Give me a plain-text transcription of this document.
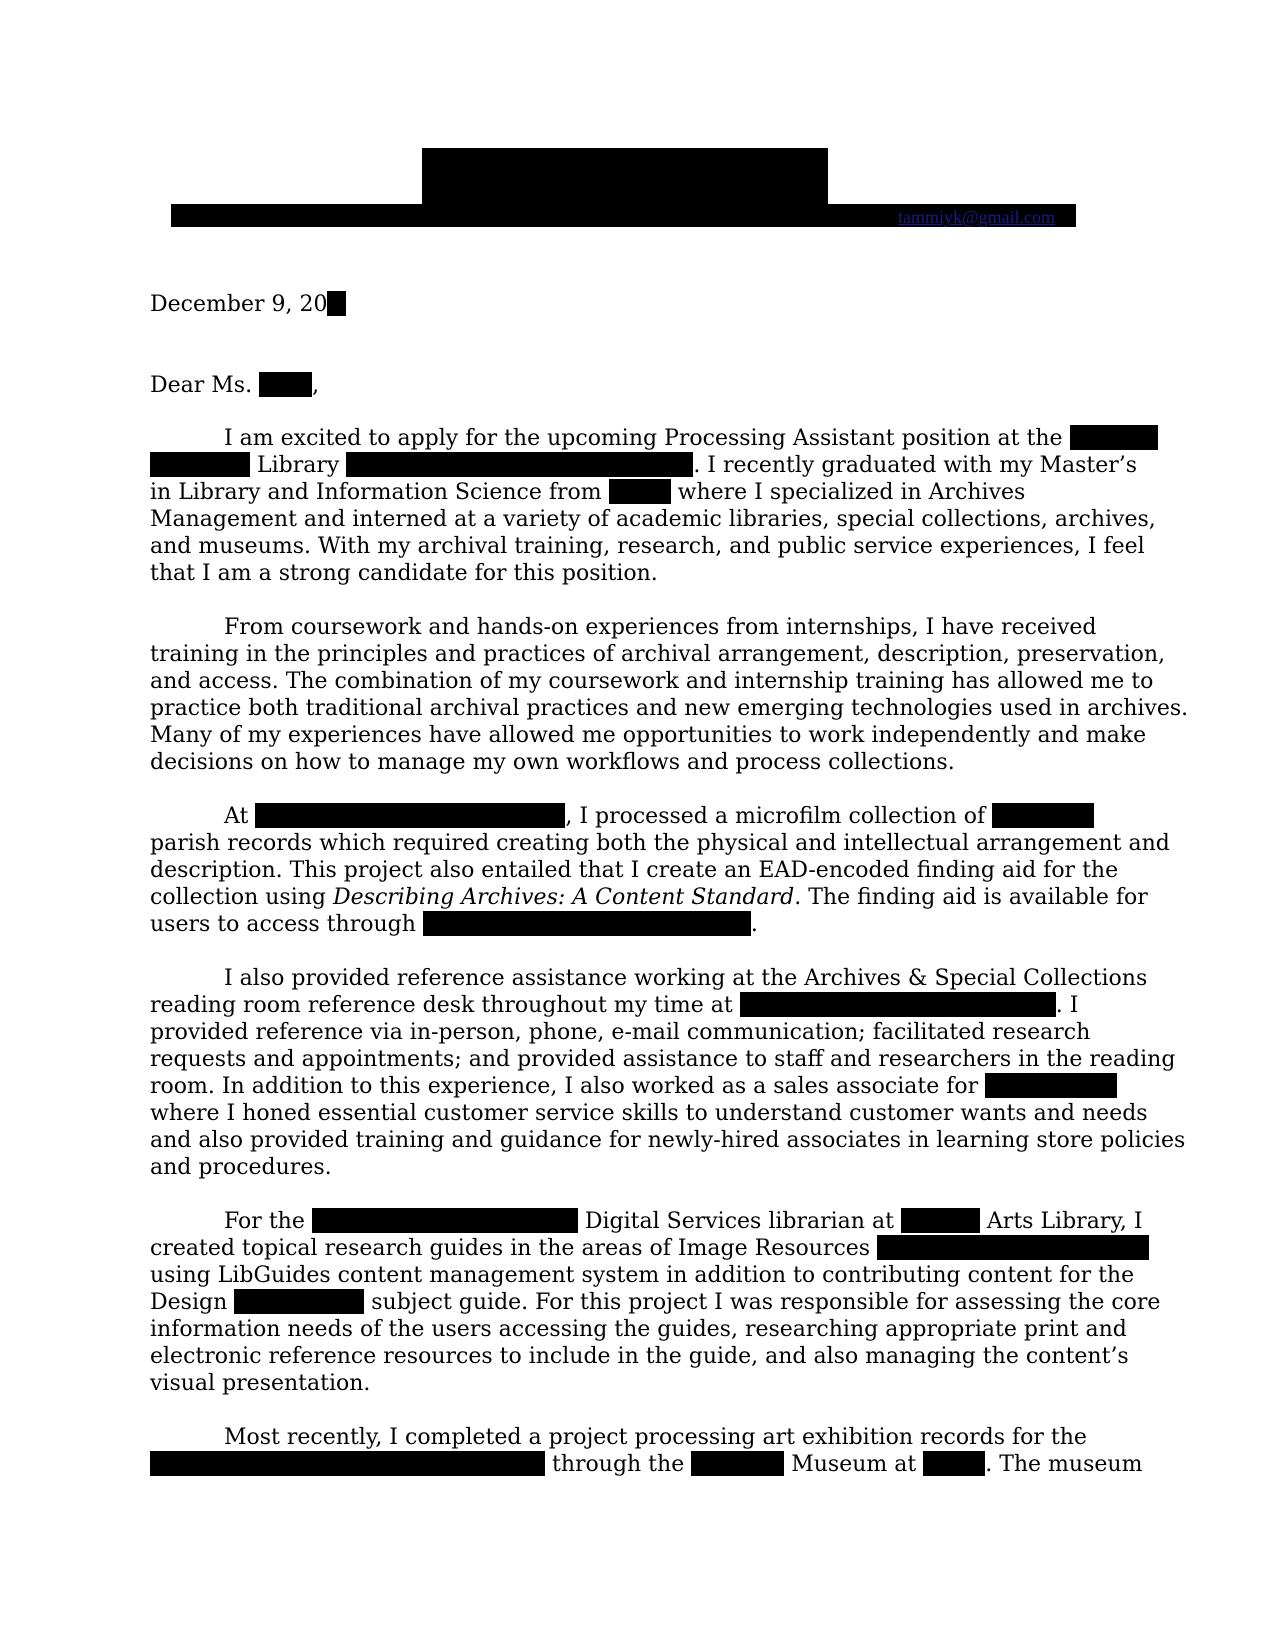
tammiyk@gmail.com
December 9, 20
Dear Ms.	,
I am excited to apply for the upcoming Processing Assistant position at the
Library	. I recently graduated with my Master’s
in Library and Information Science from	where I specialized in Archives
Management and interned at a variety of academic libraries, special collections, archives,
and museums. With my archival training, research, and public service experiences, I feel
that I am a strong candidate for this position.
From coursework and hands-on experiences from internships, I have received
training in the principles and practices of archival arrangement, description, preservation,
and access. The combination of my coursework and internship training has allowed me to
practice both traditional archival practices and new emerging technologies used in archives.
Many of my experiences have allowed me opportunities to work independently and make
decisions on how to manage my own workflows and process collections.
At	, I processed a microfilm collection of
parish records which required creating both the physical and intellectual arrangement and
description. This project also entailed that I create an EAD-encoded finding aid for the
collection using Describing Archives: A Content Standard. The finding aid is available for
users to access through	.
I also provided reference assistance working at the Archives & Special Collections
reading room reference desk throughout my time at	. I
provided reference via in-person, phone, e-mail communication; facilitated research
requests and appointments; and provided assistance to staff and researchers in the reading
room. In addition to this experience, I also worked as a sales associate for
where I honed essential customer service skills to understand customer wants and needs
and also provided training and guidance for newly-hired associates in learning store policies
and procedures.
For the	Digital Services librarian at	Arts Library, I
created topical research guides in the areas of Image Resources
using LibGuides content management system in addition to contributing content for the
Design	subject guide. For this project I was responsible for assessing the core
information needs of the users accessing the guides, researching appropriate print and
electronic reference resources to include in the guide, and also managing the content’s
visual presentation.
Most recently, I completed a project processing art exhibition records for the
through the	Museum at	. The museum
